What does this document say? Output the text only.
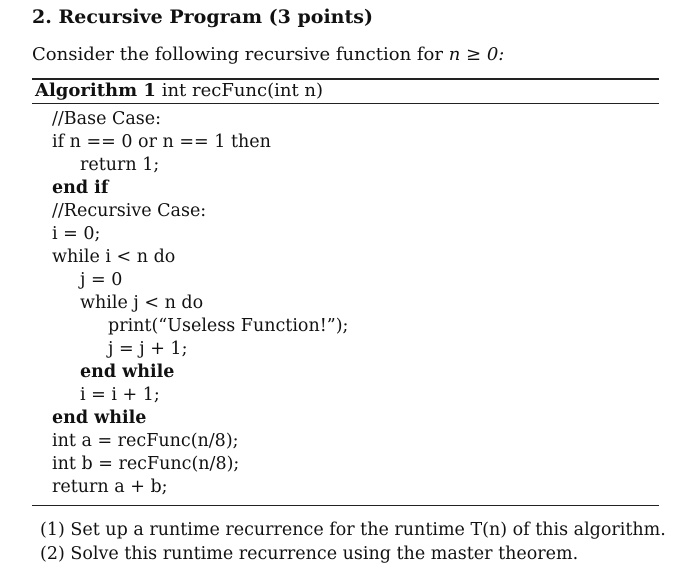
2. Recursive Program (3 points)
Consider the following recursive function for n ≥ 0:
Algorithm 1 int recFunc(int n)
//Base Case:
if n == 0 or n == 1 then
return 1;
end if
//Recursive Case:
i = 0;
while i < n do
j = 0
while j < n do
print(“Useless Function!”);
j = j + 1;
end while
i = i + 1;
end while
int a = recFunc(n/8);
int b = recFunc(n/8);
return a + b;
(1) Set up a runtime recurrence for the runtime T(n) of this algorithm.
(2) Solve this runtime recurrence using the master theorem.
